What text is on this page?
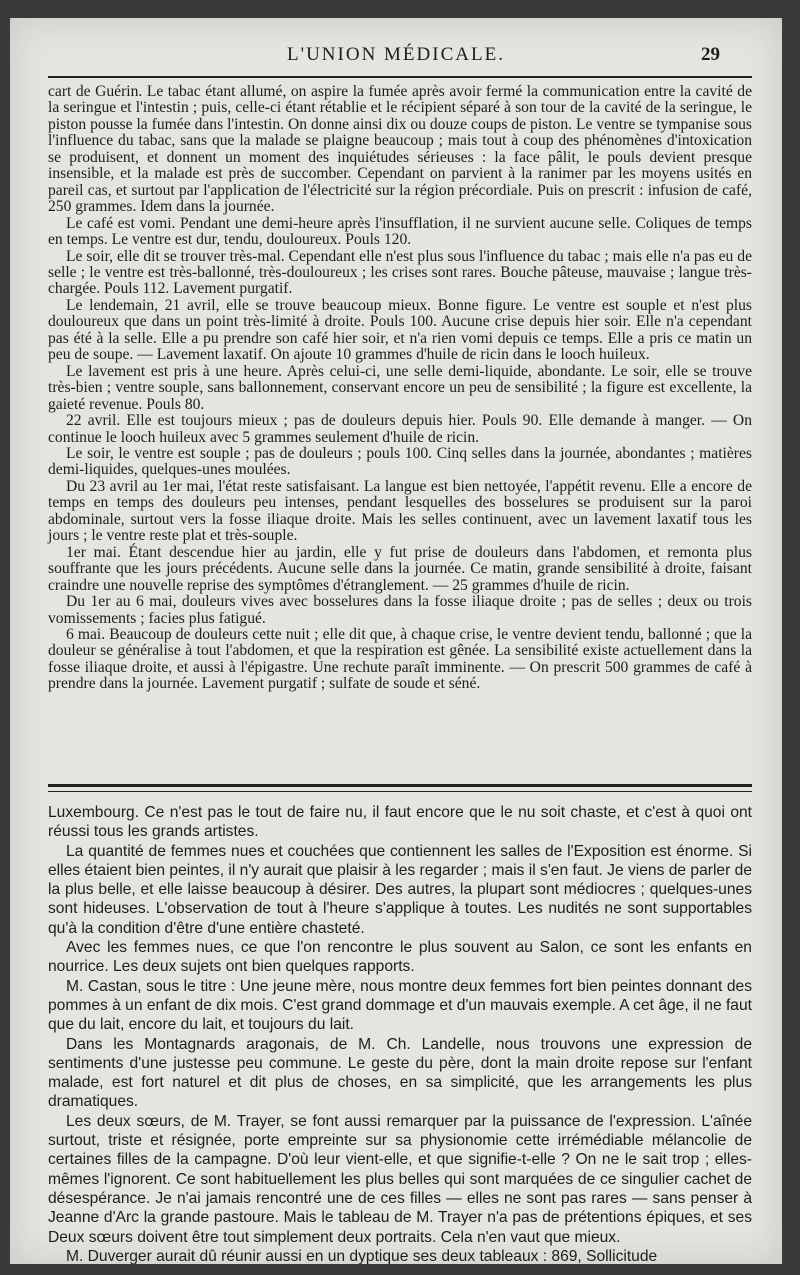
L'UNION MÉDICALE.	29

cart de Guérin. Le tabac étant allumé, on aspire la fumée après avoir fermé la communication entre la cavité de la seringue et l'intestin ; puis, celle-ci étant rétablie et le récipient séparé à son tour de la cavité de la seringue, le piston pousse la fumée dans l'intestin. On donne ainsi dix ou douze coups de piston. Le ventre se tympanise sous l'influence du tabac, sans que la malade se plaigne beaucoup ; mais tout à coup des phénomènes d'intoxication se produisent, et donnent un moment des inquiétudes sérieuses : la face pâlit, le pouls devient presque insensible, et la malade est près de succomber. Cependant on parvient à la ranimer par les moyens usités en pareil cas, et surtout par l'application de l'électricité sur la région précordiale. Puis on prescrit : infusion de café, 250 grammes. Idem dans la journée.

Le café est vomi. Pendant une demi-heure après l'insufflation, il ne survient aucune selle. Coliques de temps en temps. Le ventre est dur, tendu, douloureux. Pouls 120.

Le soir, elle dit se trouver très-mal. Cependant elle n'est plus sous l'influence du tabac ; mais elle n'a pas eu de selle ; le ventre est très-ballonné, très-douloureux ; les crises sont rares. Bouche pâteuse, mauvaise ; langue très-chargée. Pouls 112. Lavement purgatif.

Le lendemain, 21 avril, elle se trouve beaucoup mieux. Bonne figure. Le ventre est souple et n'est plus douloureux que dans un point très-limité à droite. Pouls 100. Aucune crise depuis hier soir. Elle n'a cependant pas été à la selle. Elle a pu prendre son café hier soir, et n'a rien vomi depuis ce temps. Elle a pris ce matin un peu de soupe. — Lavement laxatif. On ajoute 10 grammes d'huile de ricin dans le looch huileux.

Le lavement est pris à une heure. Après celui-ci, une selle demi-liquide, abondante. Le soir, elle se trouve très-bien ; ventre souple, sans ballonnement, conservant encore un peu de sensibilité ; la figure est excellente, la gaieté revenue. Pouls 80.

22 avril. Elle est toujours mieux ; pas de douleurs depuis hier. Pouls 90. Elle demande à manger. — On continue le looch huileux avec 5 grammes seulement d'huile de ricin.

Le soir, le ventre est souple ; pas de douleurs ; pouls 100. Cinq selles dans la journée, abondantes ; matières demi-liquides, quelques-unes moulées.

Du 23 avril au 1er mai, l'état reste satisfaisant. La langue est bien nettoyée, l'appétit revenu. Elle a encore de temps en temps des douleurs peu intenses, pendant lesquelles des bosselures se produisent sur la paroi abdominale, surtout vers la fosse iliaque droite. Mais les selles continuent, avec un lavement laxatif tous les jours ; le ventre reste plat et très-souple.

1er mai. Étant descendue hier au jardin, elle y fut prise de douleurs dans l'abdomen, et remonta plus souffrante que les jours précédents. Aucune selle dans la journée. Ce matin, grande sensibilité à droite, faisant craindre une nouvelle reprise des symptômes d'étranglement. — 25 grammes d'huile de ricin.

Du 1er au 6 mai, douleurs vives avec bosselures dans la fosse iliaque droite ; pas de selles ; deux ou trois vomissements ; facies plus fatigué.

6 mai. Beaucoup de douleurs cette nuit ; elle dit que, à chaque crise, le ventre devient tendu, ballonné ; que la douleur se généralise à tout l'abdomen, et que la respiration est gênée. La sensibilité existe actuellement dans la fosse iliaque droite, et aussi à l'épigastre. Une rechute paraît imminente. — On prescrit 500 grammes de café à prendre dans la journée. Lavement purgatif ; sulfate de soude et séné.

Luxembourg. Ce n'est pas le tout de faire nu, il faut encore que le nu soit chaste, et c'est à quoi ont réussi tous les grands artistes.

La quantité de femmes nues et couchées que contiennent les salles de l'Exposition est énorme. Si elles étaient bien peintes, il n'y aurait que plaisir à les regarder ; mais il s'en faut. Je viens de parler de la plus belle, et elle laisse beaucoup à désirer. Des autres, la plupart sont médiocres ; quelques-unes sont hideuses. L'observation de tout à l'heure s'applique à toutes. Les nudités ne sont supportables qu'à la condition d'être d'une entière chasteté.

Avec les femmes nues, ce que l'on rencontre le plus souvent au Salon, ce sont les enfants en nourrice. Les deux sujets ont bien quelques rapports.

M. Castan, sous le titre : Une jeune mère, nous montre deux femmes fort bien peintes donnant des pommes à un enfant de dix mois. C'est grand dommage et d'un mauvais exemple. A cet âge, il ne faut que du lait, encore du lait, et toujours du lait.

Dans les Montagnards aragonais, de M. Ch. Landelle, nous trouvons une expression de sentiments d'une justesse peu commune. Le geste du père, dont la main droite repose sur l'enfant malade, est fort naturel et dit plus de choses, en sa simplicité, que les arrangements les plus dramatiques.

Les deux sœurs, de M. Trayer, se font aussi remarquer par la puissance de l'expression. L'aînée surtout, triste et résignée, porte empreinte sur sa physionomie cette irrémédiable mélancolie de certaines filles de la campagne. D'où leur vient-elle, et que signifie-t-elle ? On ne le sait trop ; elles-mêmes l'ignorent. Ce sont habituellement les plus belles qui sont marquées de ce singulier cachet de désespérance. Je n'ai jamais rencontré une de ces filles — elles ne sont pas rares — sans penser à Jeanne d'Arc la grande pastoure. Mais le tableau de M. Trayer n'a pas de prétentions épiques, et ses Deux sœurs doivent être tout simplement deux portraits. Cela n'en vaut que mieux.

M. Duverger aurait dû réunir aussi en un dyptique ses deux tableaux : 869, Sollicitude
